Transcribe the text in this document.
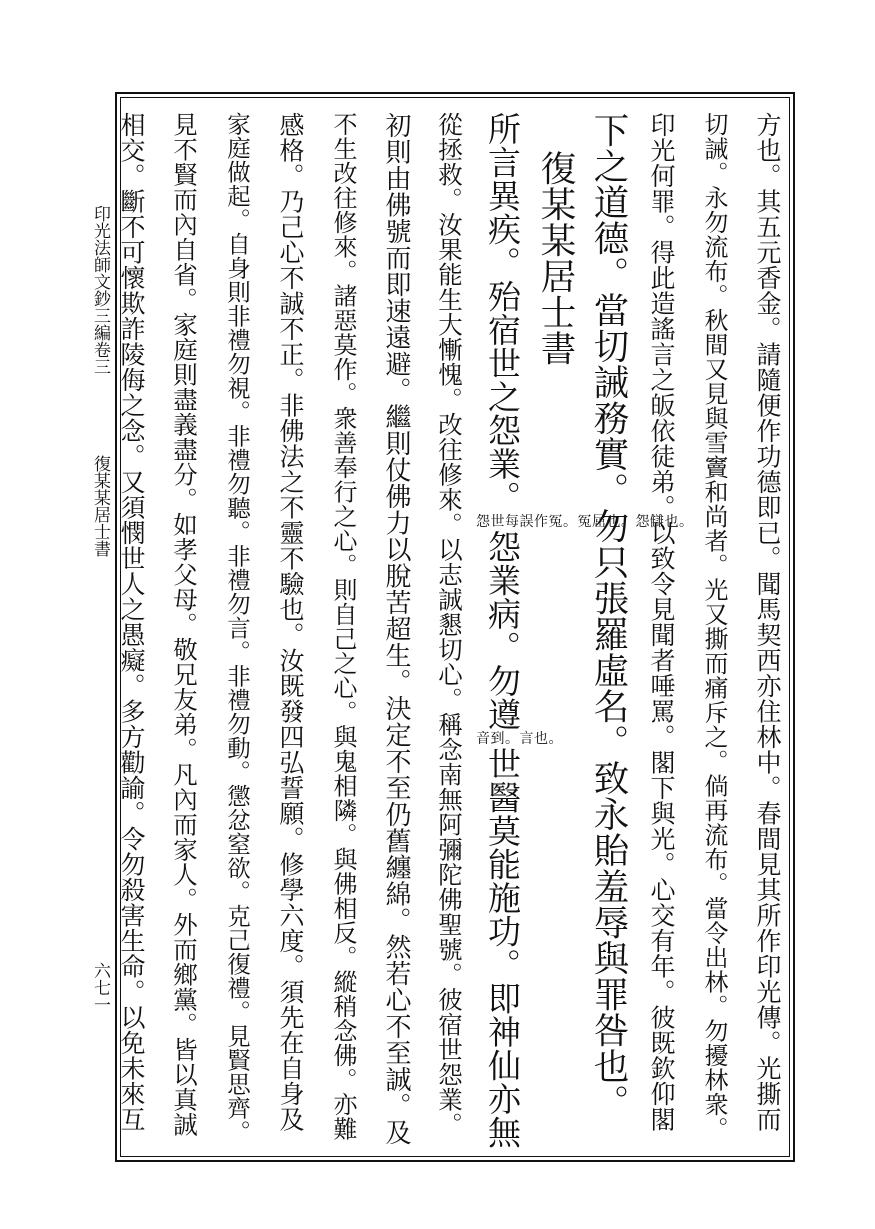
印光法師文鈔三編卷三
復某某居士書
六七一	方也。其五元香金。請隨便作功德即已。聞馬契西亦住林中。春間見其所作印光傳。光撕而
切誡。永勿流布。秋間又見與雪竇和尚者。光又撕而痛斥之。倘再流布。當令出林。勿擾林衆。
印光何罪。得此造謠言之皈依徒弟。以致令見聞者唾罵。閣下與光。心交有年。彼既欽仰閣
下之道德。當切誡務實。勿只張羅虛名。致永貽羞辱與罪咎也。
復某某居士書
所言異疾。殆宿世之怨業。怨世每誤作冤。冤屈也。怨讎也。怨業病。勿遵音到。言也。世醫莫能施功。即神仙亦無
從拯救。汝果能生大慚愧。改往修來。以志誠懇切心。稱念南無阿彌陀佛聖號。彼宿世怨業。
初則由佛號而即速遠避。繼則仗佛力以脫苦超生。決定不至仍舊纏綿。然若心不至誠。及
不生改往修來。諸惡莫作。衆善奉行之心。則自己之心。與鬼相隣。與佛相反。縱稍念佛。亦難
感格。乃己心不誠不正。非佛法之不靈不驗也。汝既發四弘誓願。修學六度。須先在自身及
家庭做起。自身則非禮勿視。非禮勿聽。非禮勿言。非禮勿動。懲忿窒欲。克己復禮。見賢思齊。
見不賢而內自省。家庭則盡義盡分。如孝父母。敬兄友弟。凡內而家人。外而鄉黨。皆以真誠
相交。斷不可懷欺詐陵侮之念。又須憫世人之愚癡。多方勸諭。令勿殺害生命。以免未來互
